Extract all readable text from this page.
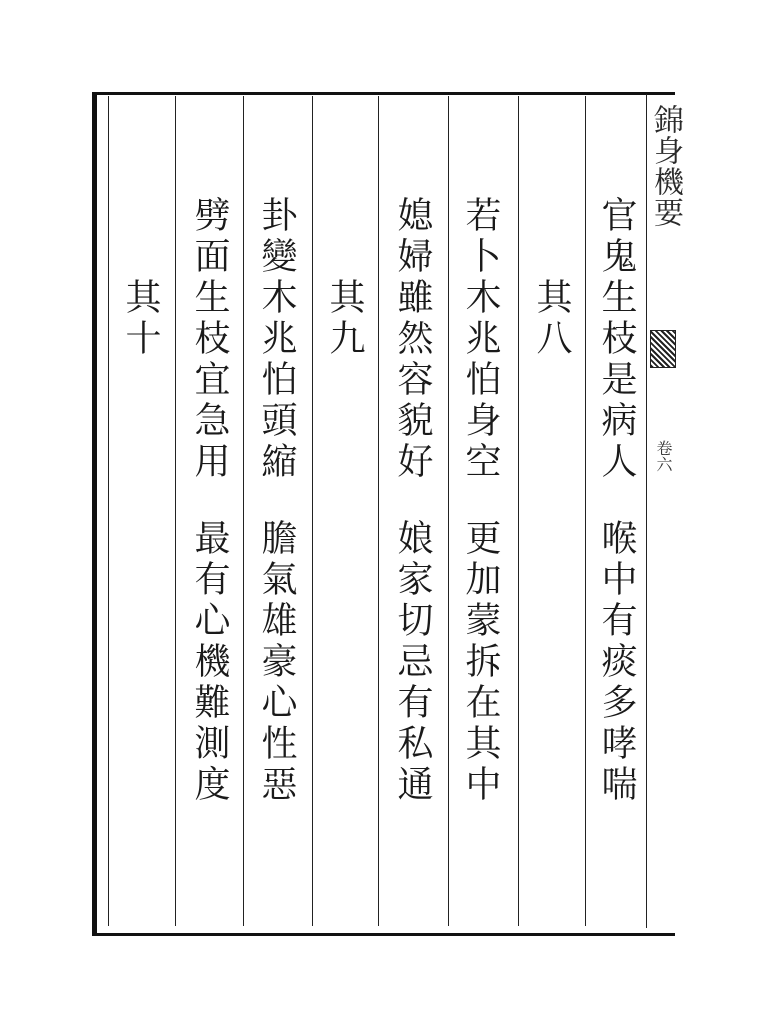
錦身機要
卷六

官鬼生枝是病人喉中有痰多哮喘

其八

若卜木兆怕身空更加蒙拆在其中

媳婦雖然容貌好娘家切忌有私通

其九

卦變木兆怕頭縮膽氣雄豪心性惡

劈面生枝宜急用最有心機難測度

其十
